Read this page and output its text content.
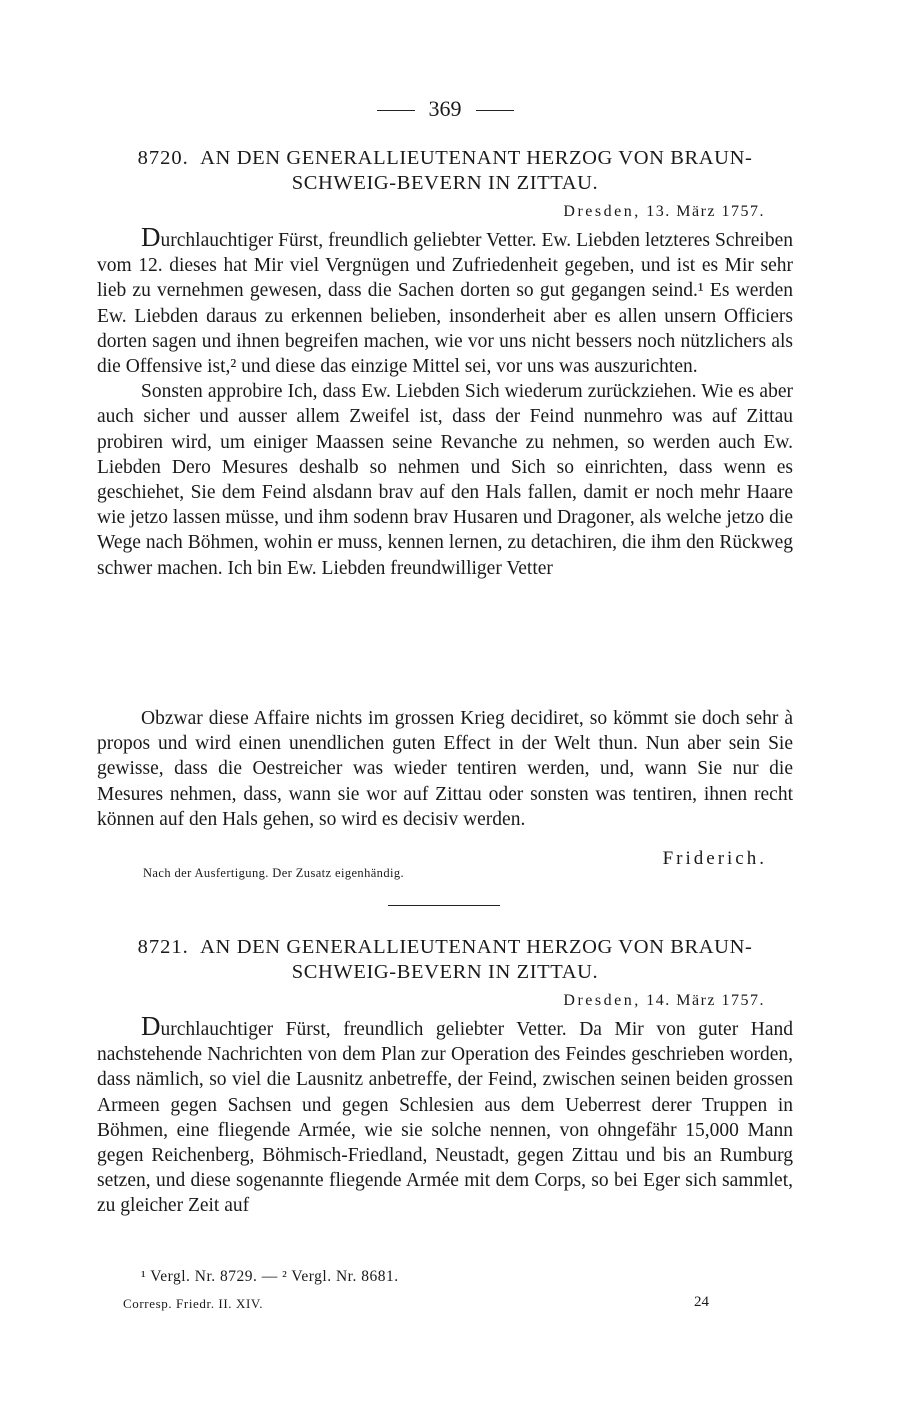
369
8720. AN DEN GENERALLIEUTENANT HERZOG VON BRAUN-
SCHWEIG-BEVERN IN ZITTAU.
Dresden, 13. März 1757.

Durchlauchtiger Fürst, freundlich geliebter Vetter. Ew. Liebden letzteres Schreiben vom 12. dieses hat Mir viel Vergnügen und Zufriedenheit gegeben, und ist es Mir sehr lieb zu vernehmen gewesen, dass die Sachen dorten so gut gegangen seind.¹ Es werden Ew. Liebden daraus zu erkennen belieben, insonderheit aber es allen unsern Officiers dorten sagen und ihnen begreifen machen, wie vor uns nicht bessers noch nützlichers als die Offensive ist,² und diese das einzige Mittel sei, vor uns was auszurichten.

Sonsten approbire Ich, dass Ew. Liebden Sich wiederum zurückziehen. Wie es aber auch sicher und ausser allem Zweifel ist, dass der Feind nunmehro was auf Zittau probiren wird, um einiger Maassen seine Revanche zu nehmen, so werden auch Ew. Liebden Dero Mesures deshalb so nehmen und Sich so einrichten, dass wenn es geschiehet, Sie dem Feind alsdann brav auf den Hals fallen, damit er noch mehr Haare wie jetzo lassen müsse, und ihm sodenn brav Husaren und Dragoner, als welche jetzo die Wege nach Böhmen, wohin er muss, kennen lernen, zu detachiren, die ihm den Rückweg schwer machen. Ich bin Ew. Liebden freundwilliger Vetter

Obzwar diese Affaire nichts im grossen Krieg decidiret, so kömmt sie doch sehr à propos und wird einen unendlichen guten Effect in der Welt thun. Nun aber sein Sie gewisse, dass die Oestreicher was wieder tentiren werden, und, wann Sie nur die Mesures nehmen, dass, wann sie wor auf Zittau oder sonsten was tentiren, ihnen recht können auf den Hals gehen, so wird es decisiv werden.

Friderich.
Nach der Ausfertigung. Der Zusatz eigenhändig.
8721. AN DEN GENERALLIEUTENANT HERZOG VON BRAUN-
SCHWEIG-BEVERN IN ZITTAU.
Dresden, 14. März 1757.

Durchlauchtiger Fürst, freundlich geliebter Vetter. Da Mir von guter Hand nachstehende Nachrichten von dem Plan zur Operation des Feindes geschrieben worden, dass nämlich, so viel die Lausnitz anbetreffe, der Feind, zwischen seinen beiden grossen Armeen gegen Sachsen und gegen Schlesien aus dem Ueberrest derer Truppen in Böhmen, eine fliegende Armée, wie sie solche nennen, von ohngefähr 15,000 Mann gegen Reichenberg, Böhmisch-Friedland, Neustadt, gegen Zittau und bis an Rumburg setzen, und diese sogenannte fliegende Armée mit dem Corps, so bei Eger sich sammlet, zu gleicher Zeit auf

¹ Vergl. Nr. 8729. — ² Vergl. Nr. 8681.
Corresp. Friedr. II. XIV.	24
